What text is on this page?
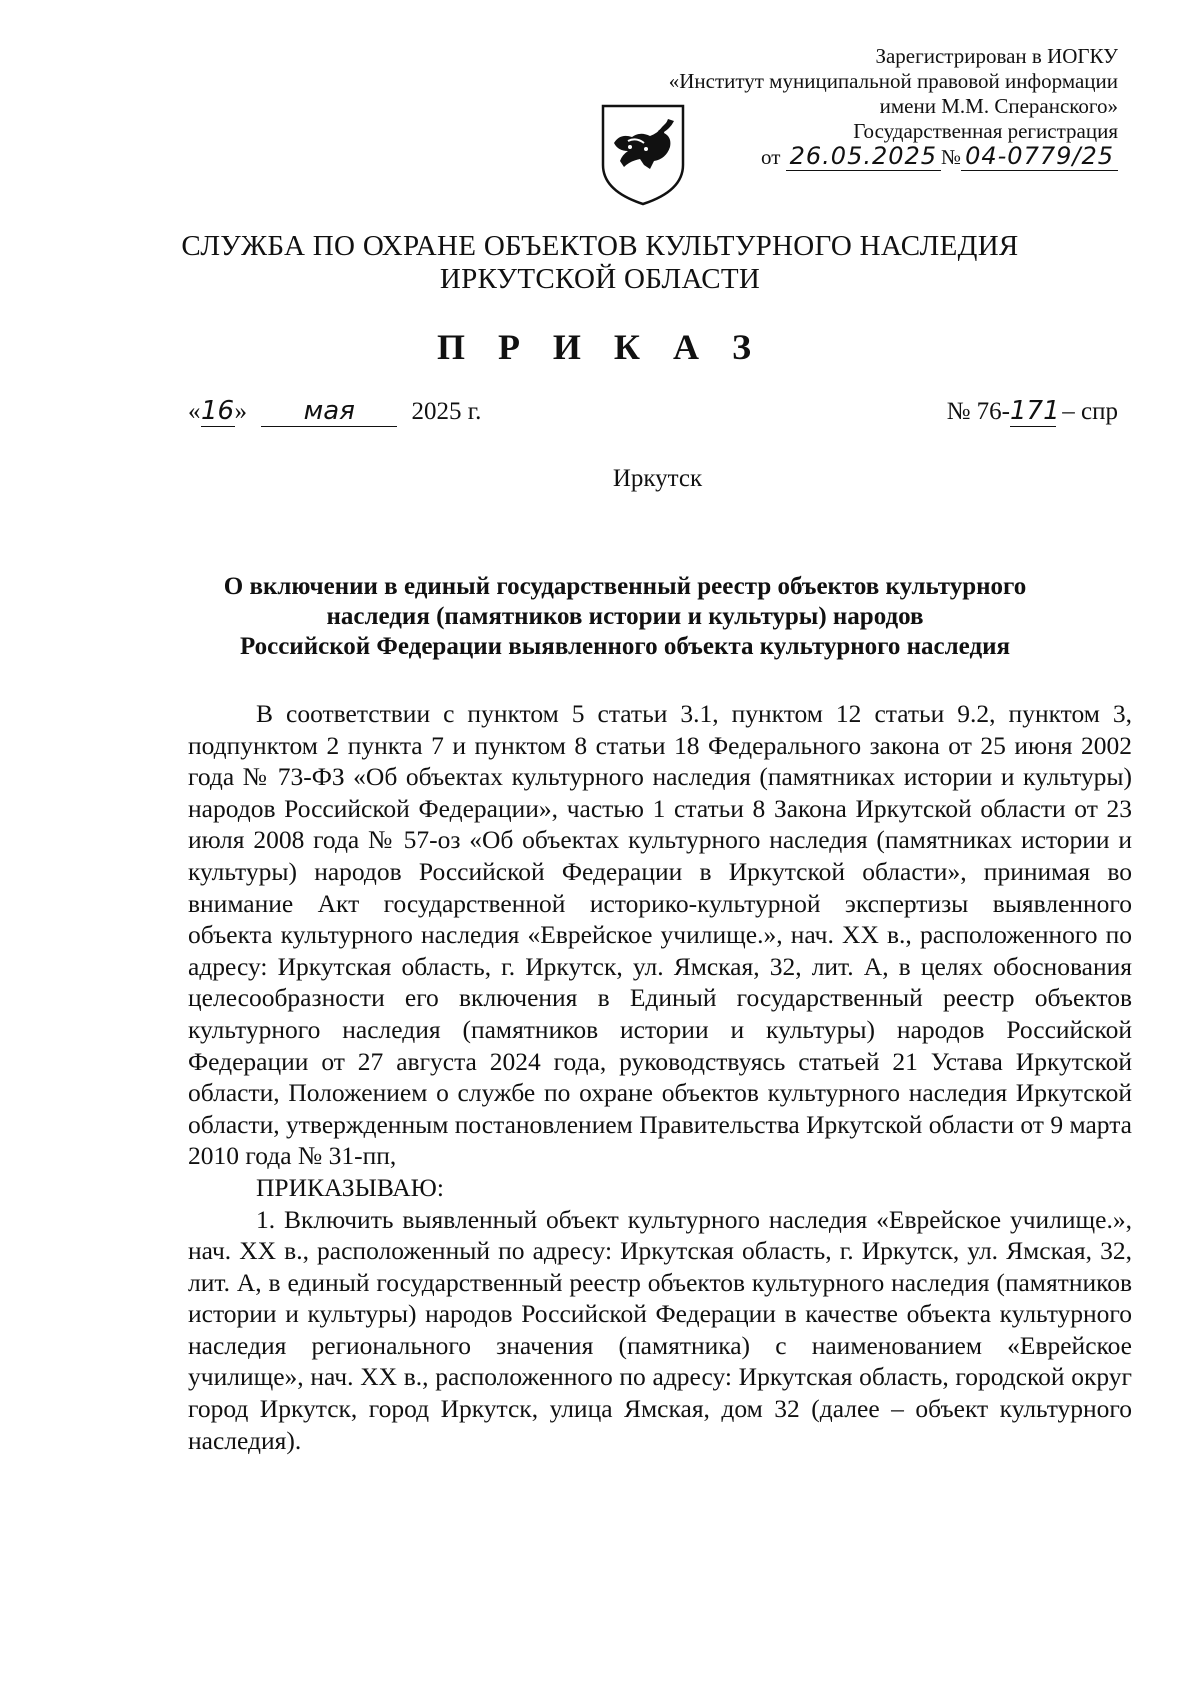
Зарегистрирован в ИОГКУ
«Институт муниципальной правовой информации
имени М.М. Сперанского»
Государственная регистрация
от 26.05.2025 № 04-0779/25
СЛУЖБА ПО ОХРАНЕ ОБЪЕКТОВ КУЛЬТУРНОГО НАСЛЕДИЯ
ИРКУТСКОЙ ОБЛАСТИ
П Р И К А З
«16» мая 2025 г.	№ 76-171 – спр
Иркутск
О включении в единый государственный реестр объектов культурного
наследия (памятников истории и культуры) народов
Российской Федерации выявленного объекта культурного наследия

В соответствии с пунктом 5 статьи 3.1, пунктом 12 статьи 9.2, пунктом 3, подпунктом 2 пункта 7 и пунктом 8 статьи 18 Федерального закона от 25 июня 2002 года № 73-ФЗ «Об объектах культурного наследия (памятниках истории и культуры) народов Российской Федерации», частью 1 статьи 8 Закона Иркутской области от 23 июля 2008 года № 57-оз «Об объектах культурного наследия (памятниках истории и культуры) народов Российской Федерации в Иркутской области», принимая во внимание Акт государственной историко-культурной экспертизы выявленного объекта культурного наследия «Еврейское училище.», нач. XX в., расположенного по адресу: Иркутская область, г. Иркутск, ул. Ямская, 32, лит. А, в целях обоснования целесообразности его включения в Единый государственный реестр объектов культурного наследия (памятников истории и культуры) народов Российской Федерации от 27 августа 2024 года, руководствуясь статьей 21 Устава Иркутской области, Положением о службе по охране объектов культурного наследия Иркутской области, утвержденным постановлением Правительства Иркутской области от 9 марта 2010 года № 31-пп,

ПРИКАЗЫВАЮ:

1. Включить выявленный объект культурного наследия «Еврейское училище.», нач. XX в., расположенный по адресу: Иркутская область, г. Иркутск, ул. Ямская, 32, лит. А, в единый государственный реестр объектов культурного наследия (памятников истории и культуры) народов Российской Федерации в качестве объекта культурного наследия регионального значения (памятника) с наименованием «Еврейское училище», нач. XX в., расположенного по адресу: Иркутская область, городской округ город Иркутск, город Иркутск, улица Ямская, дом 32 (далее – объект культурного наследия).
